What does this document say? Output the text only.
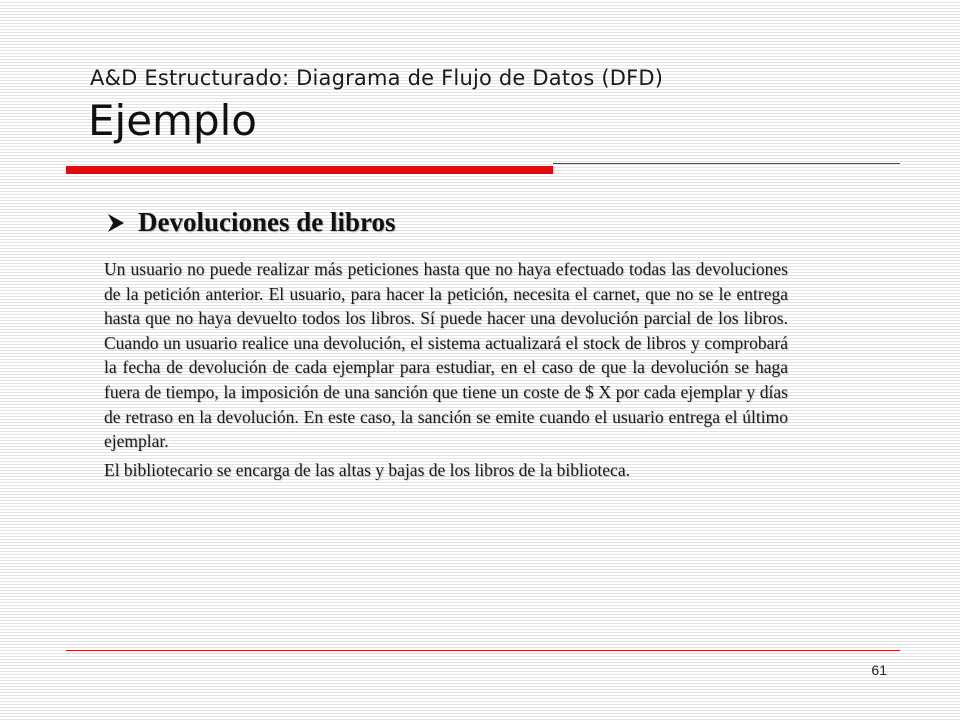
A&D Estructurado: Diagrama de Flujo de Datos (DFD)
Ejemplo
Devoluciones de libros

Un usuario no puede realizar más peticiones hasta que no haya efectuado todas las devoluciones de la petición anterior. El usuario, para hacer la petición, necesita el carnet, que no se le entrega hasta que no haya devuelto todos los libros. Sí puede hacer una devolución parcial de los libros. Cuando un usuario realice una devolución, el sistema actualizará el stock de libros y comprobará la fecha de devolución de cada ejemplar para estudiar, en el caso de que la devolución se haga fuera de tiempo, la imposición de una sanción que tiene un coste de $ X por cada ejemplar y días de retraso en la devolución. En este caso, la sanción se emite cuando el usuario entrega el último ejemplar.

El bibliotecario se encarga de las altas y bajas de los libros de la biblioteca.

61
